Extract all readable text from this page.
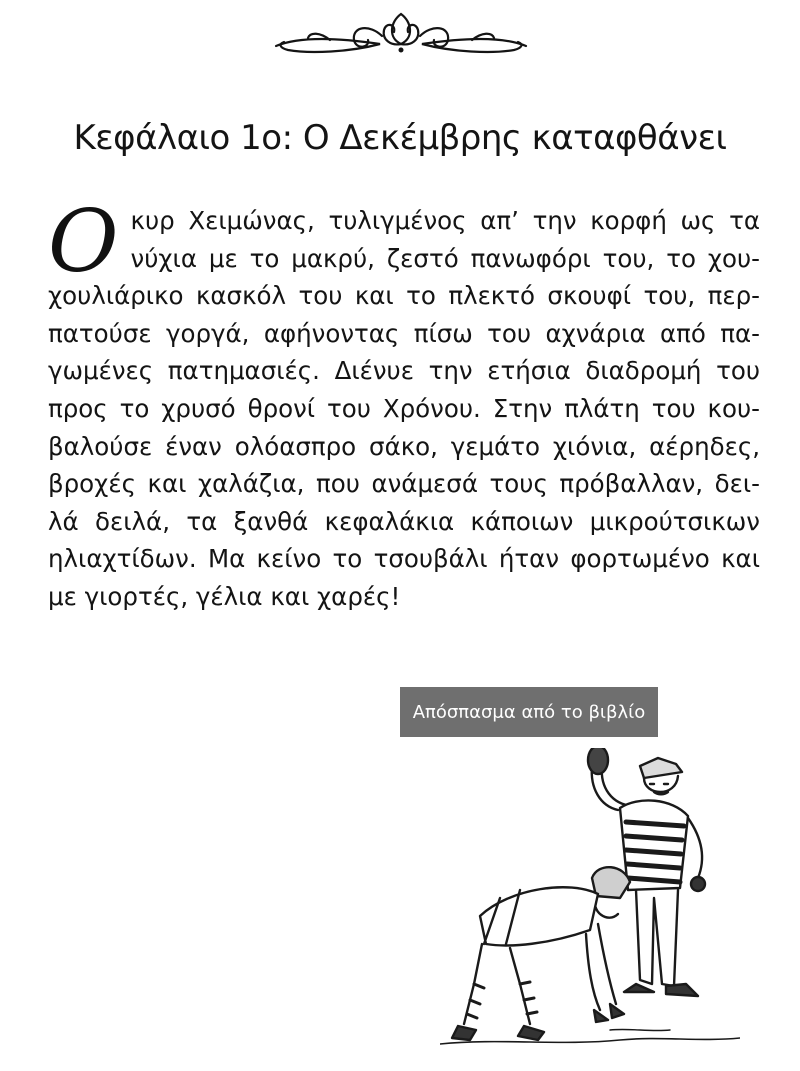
Κεφάλαιο 1ο: Ο Δεκέμβρης καταφθάνει
O κυρ Χειμώνας, τυλιγμένος απ’ την κορφή ως τα
νύχια με το μακρύ, ζεστό πανωφόρι του, το χου-
χουλιάρικο κασκόλ του και το πλεκτό σκουφί του, περ-
πατούσε γοργά, αφήνοντας πίσω του αχνάρια από πα-
γωμένες πατημασιές. Διένυε την ετήσια διαδρομή του
προς το χρυσό θρονί του Χρόνου. Στην πλάτη του κου-
βαλούσε έναν ολόασπρο σάκο, γεμάτο χιόνια, αέρηδες,
βροχές και χαλάζια, που ανάμεσά τους πρόβαλλαν, δει-
λά δειλά, τα ξανθά κεφαλάκια κάποιων μικρούτσικων
ηλιαχτίδων. Μα κείνο το τσουβάλι ήταν φορτωμένο και
με γιορτές, γέλια και χαρές!
Απόσπασμα από το βιβλίο
